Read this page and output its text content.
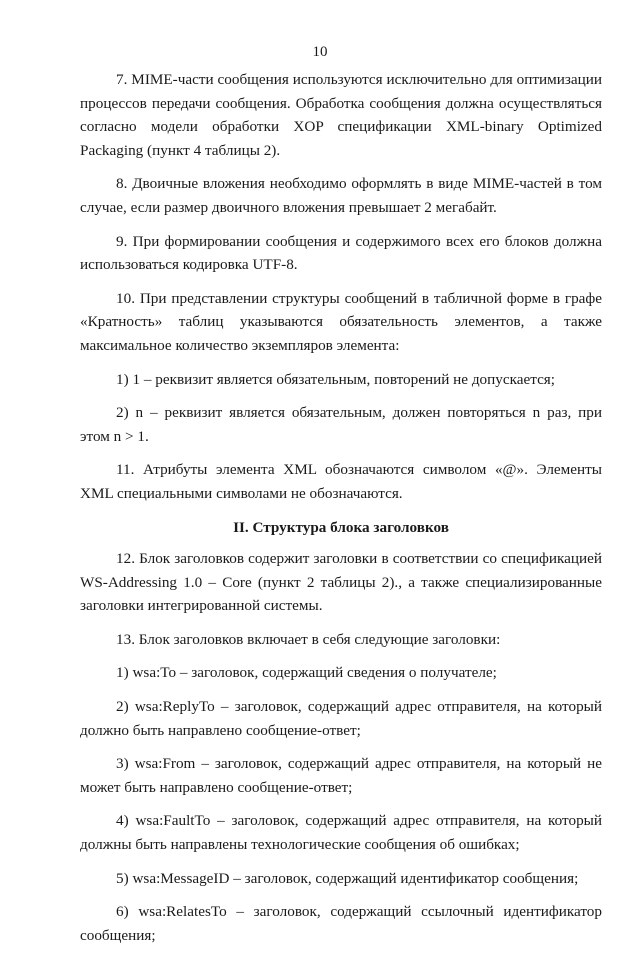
10

7. MIME-части сообщения используются исключительно для оптимизации процессов передачи сообщения. Обработка сообщения должна осуществляться согласно модели обработки XOP спецификации XML-binary Optimized Packaging (пункт 4 таблицы 2).

8. Двоичные вложения необходимо оформлять в виде MIME-частей в том случае, если размер двоичного вложения превышает 2 мегабайт.

9. При формировании сообщения и содержимого всех его блоков должна использоваться кодировка UTF-8.

10. При представлении структуры сообщений в табличной форме в графе «Кратность» таблиц указываются обязательность элементов, а также максимальное количество экземпляров элемента:

1) 1 – реквизит является обязательным, повторений не допускается;

2) n – реквизит является обязательным, должен повторяться n раз, при этом n > 1.

11. Атрибуты элемента XML обозначаются символом «@». Элементы XML специальными символами не обозначаются.

II. Структура блока заголовков

12. Блок заголовков содержит заголовки в соответствии со спецификацией WS-Addressing 1.0 – Core (пункт 2 таблицы 2)., а также специализированные заголовки интегрированной системы.

13. Блок заголовков включает в себя следующие заголовки:

1) wsa:To – заголовок, содержащий сведения о получателе;

2) wsa:ReplyTo – заголовок, содержащий адрес отправителя, на который должно быть направлено сообщение-ответ;

3) wsa:From – заголовок, содержащий адрес отправителя, на который не может быть направлено сообщение-ответ;

4) wsa:FaultTo – заголовок, содержащий адрес отправителя, на который должны быть направлены технологические сообщения об ошибках;

5) wsa:MessageID – заголовок, содержащий идентификатор сообщения;

6) wsa:RelatesTo – заголовок, содержащий ссылочный идентификатор сообщения;
